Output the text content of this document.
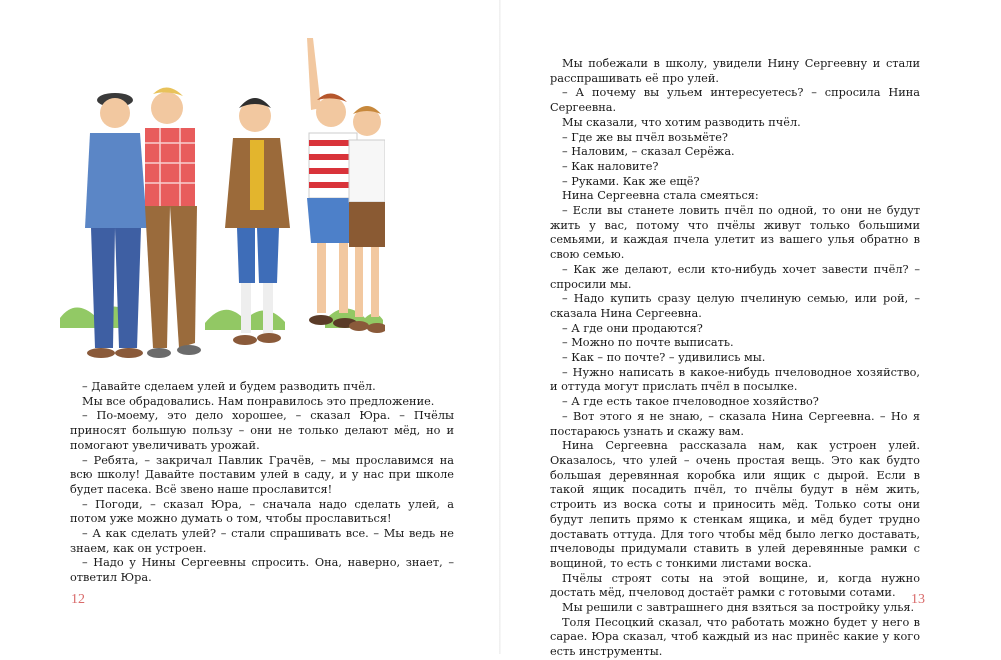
– Давайте сделаем улей и будем разводить пчёл.

Мы все обрадовались. Нам понравилось это предложение.

– По-моему, это дело хорошее, – сказал Юра. – Пчёлы приносят большую пользу – они не только делают мёд, но и помогают увеличивать урожай.

– Ребята, – закричал Павлик Грачёв, – мы прославимся на всю школу! Давайте поставим улей в саду, и у нас при школе будет пасека. Всё звено наше прославится!

– Погоди, – сказал Юра, – сначала надо сделать улей, а потом уже можно думать о том, чтобы прославиться!

– А как сделать улей? – стали спрашивать все. – Мы ведь не знаем, как он устроен.

– Надо у Нины Сергеевны спросить. Она, наверно, знает, – ответил Юра.

12

Мы побежали в школу, увидели Нину Сергеевну и стали расспрашивать её про улей.

– А почему вы ульем интересуетесь? – спросила Нина Сергеевна.

Мы сказали, что хотим разводить пчёл.

– Где же вы пчёл возьмёте?

– Наловим, – сказал Серёжа.

– Как наловите?

– Руками. Как же ещё?

Нина Сергеевна стала смеяться:

– Если вы станете ловить пчёл по одной, то они не будут жить у вас, потому что пчёлы живут только большими семьями, и каждая пчела улетит из вашего улья обратно в свою семью.

– Как же делают, если кто-нибудь хочет завести пчёл? – спросили мы.

– Надо купить сразу целую пчелиную семью, или рой, – сказала Нина Сергеевна.

– А где они продаются?

– Можно по почте выписать.

– Как – по почте? – удивились мы.

– Нужно написать в какое-нибудь пчеловодное хозяйство, и оттуда могут прислать пчёл в посылке.

– А где есть такое пчеловодное хозяйство?

– Вот этого я не знаю, – сказала Нина Сергеевна. – Но я постараюсь узнать и скажу вам.

Нина Сергеевна рассказала нам, как устроен улей. Оказалось, что улей – очень простая вещь. Это как будто большая деревянная коробка или ящик с дырой. Если в такой ящик посадить пчёл, то пчёлы будут в нём жить, строить из воска соты и приносить мёд. Только соты они будут лепить прямо к стенкам ящика, и мёд будет трудно доставать оттуда. Для того чтобы мёд было легко доставать, пчеловоды придумали ставить в улей деревянные рамки с вощиной, то есть с тонкими листами воска.

Пчёлы строят соты на этой вощине, и, когда нужно достать мёд, пчеловод достаёт рамки с готовыми сотами.

Мы решили с завтрашнего дня взяться за постройку улья.

Толя Песоцкий сказал, что работать можно будет у него в сарае. Юра сказал, чтоб каждый из нас принёс какие у кого есть инструменты.

13
